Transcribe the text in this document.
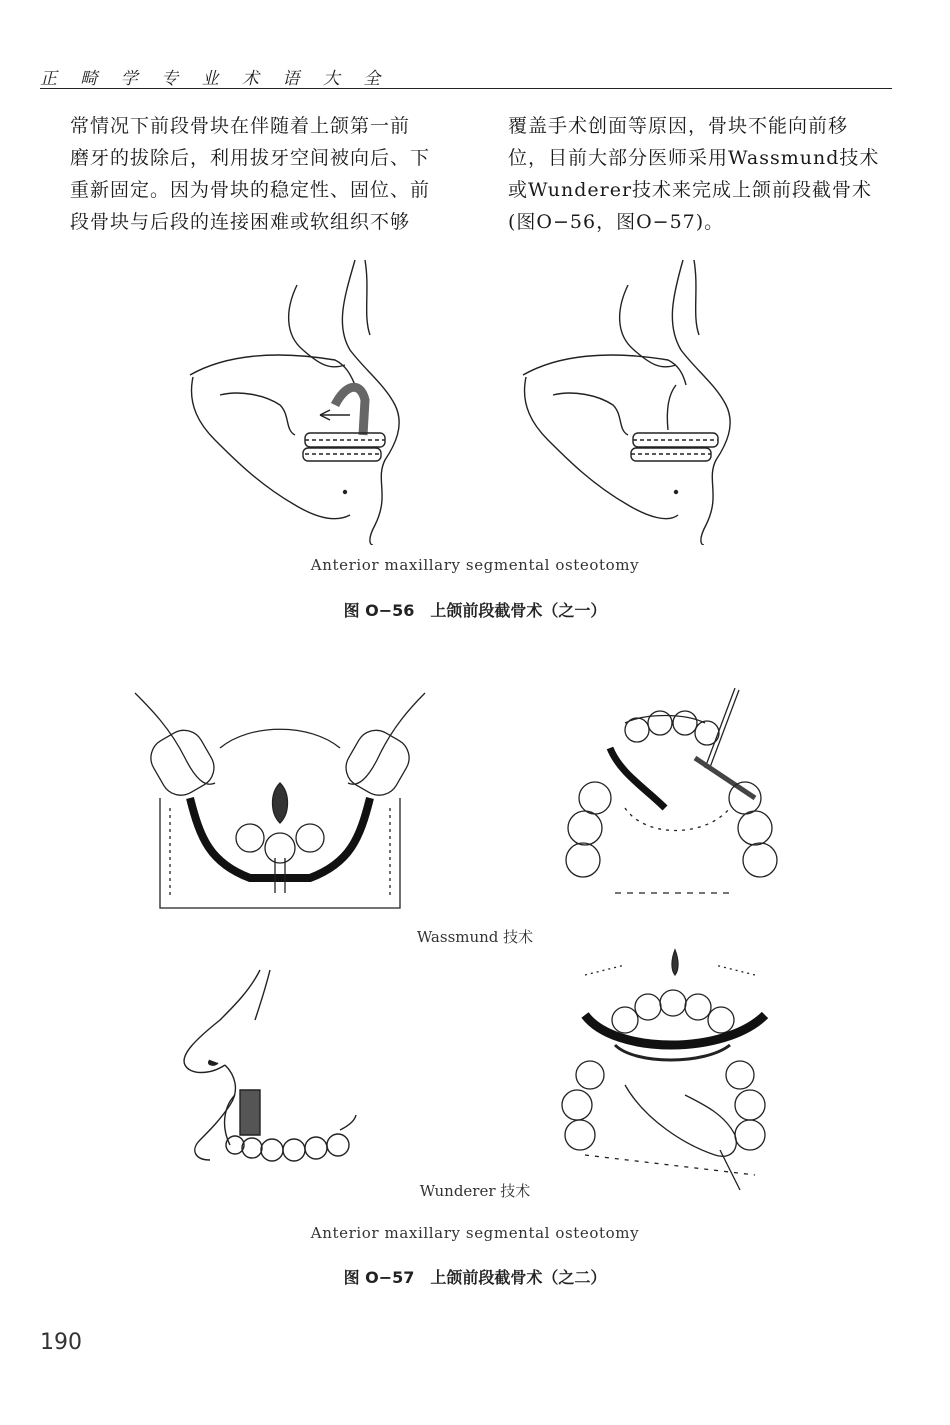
正 畸 学 专 业 术 语 大 全
常情况下前段骨块在伴随着上颌第一前
磨牙的拔除后，利用拔牙空间被向后、下
重新固定。因为骨块的稳定性、固位、前
段骨块与后段的连接困难或软组织不够
覆盖手术创面等原因，骨块不能向前移
位，目前大部分医师采用Wassmund技术
或Wunderer技术来完成上颌前段截骨术
(图O−56，图O−57)。
Anterior maxillary segmental osteotomy
图 O−56　上颌前段截骨术（之一）
Wassmund 技术
Wunderer 技术
Anterior maxillary segmental osteotomy
图 O−57　上颌前段截骨术（之二）
190
